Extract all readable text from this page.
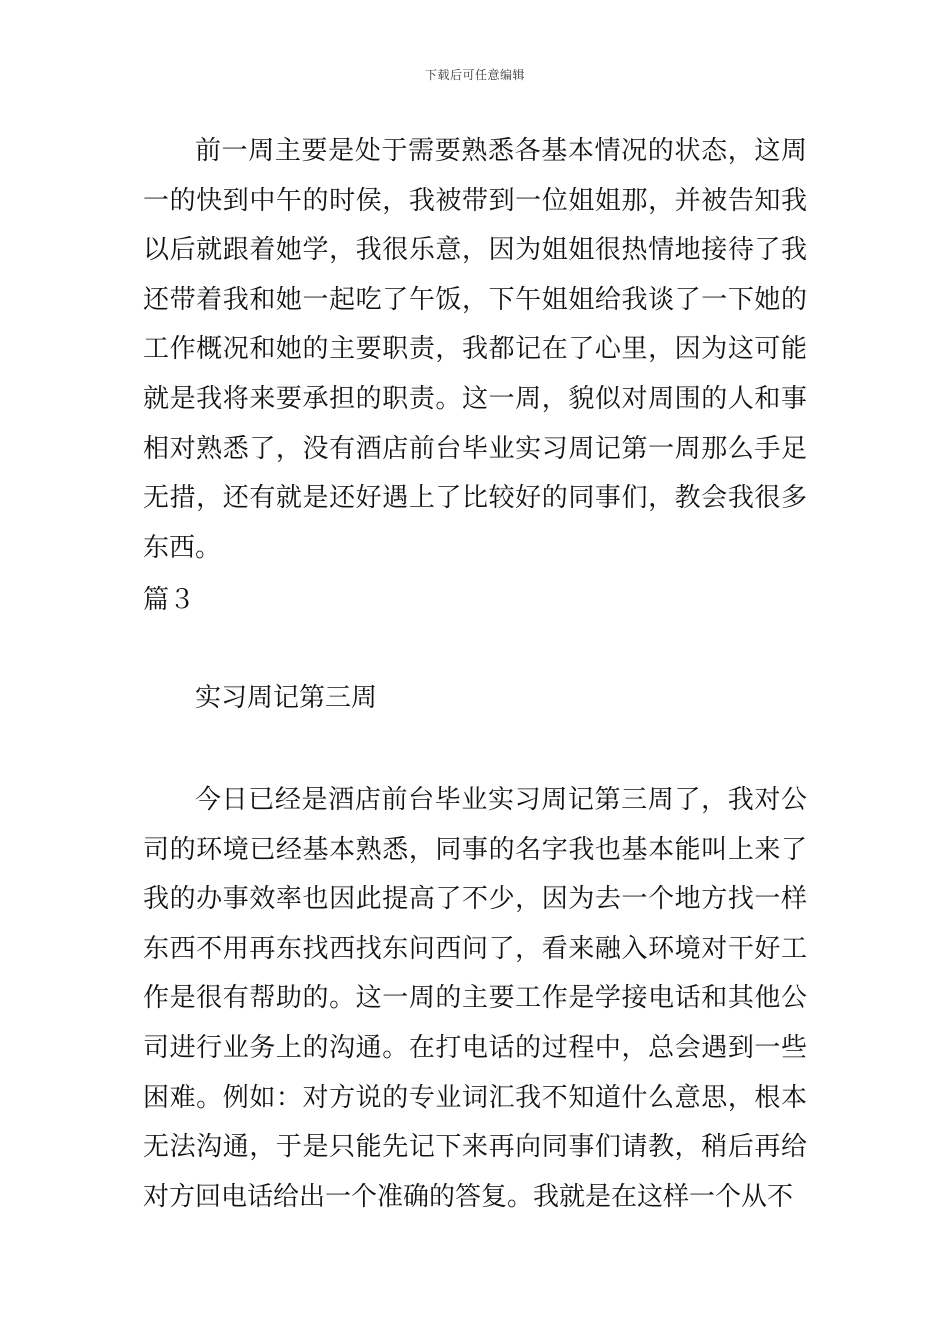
下载后可任意编辑

前一周主要是处于需要熟悉各基本情况的状态，这周一的快到中午的时侯，我被带到一位姐姐那，并被告知我以后就跟着她学，我很乐意，因为姐姐很热情地接待了我还带着我和她一起吃了午饭，下午姐姐给我谈了一下她的工作概况和她的主要职责，我都记在了心里，因为这可能就是我将来要承担的职责。这一周，貌似对周围的人和事相对熟悉了，没有酒店前台毕业实习周记第一周那么手足无措，还有就是还好遇上了比较好的同事们，教会我很多东西。

篇３
实习周记第三周

今日已经是酒店前台毕业实习周记第三周了，我对公司的环境已经基本熟悉，同事的名字我也基本能叫上来了我的办事效率也因此提高了不少，因为去一个地方找一样东西不用再东找西找东问西问了，看来融入环境对干好工作是很有帮助的。这一周的主要工作是学接电话和其他公司进行业务上的沟通。在打电话的过程中，总会遇到一些困难。例如：对方说的专业词汇我不知道什么意思，根本无法沟通，于是只能先记下来再向同事们请教，稍后再给对方回电话给出一个准确的答复。我就是在这样一个从不
